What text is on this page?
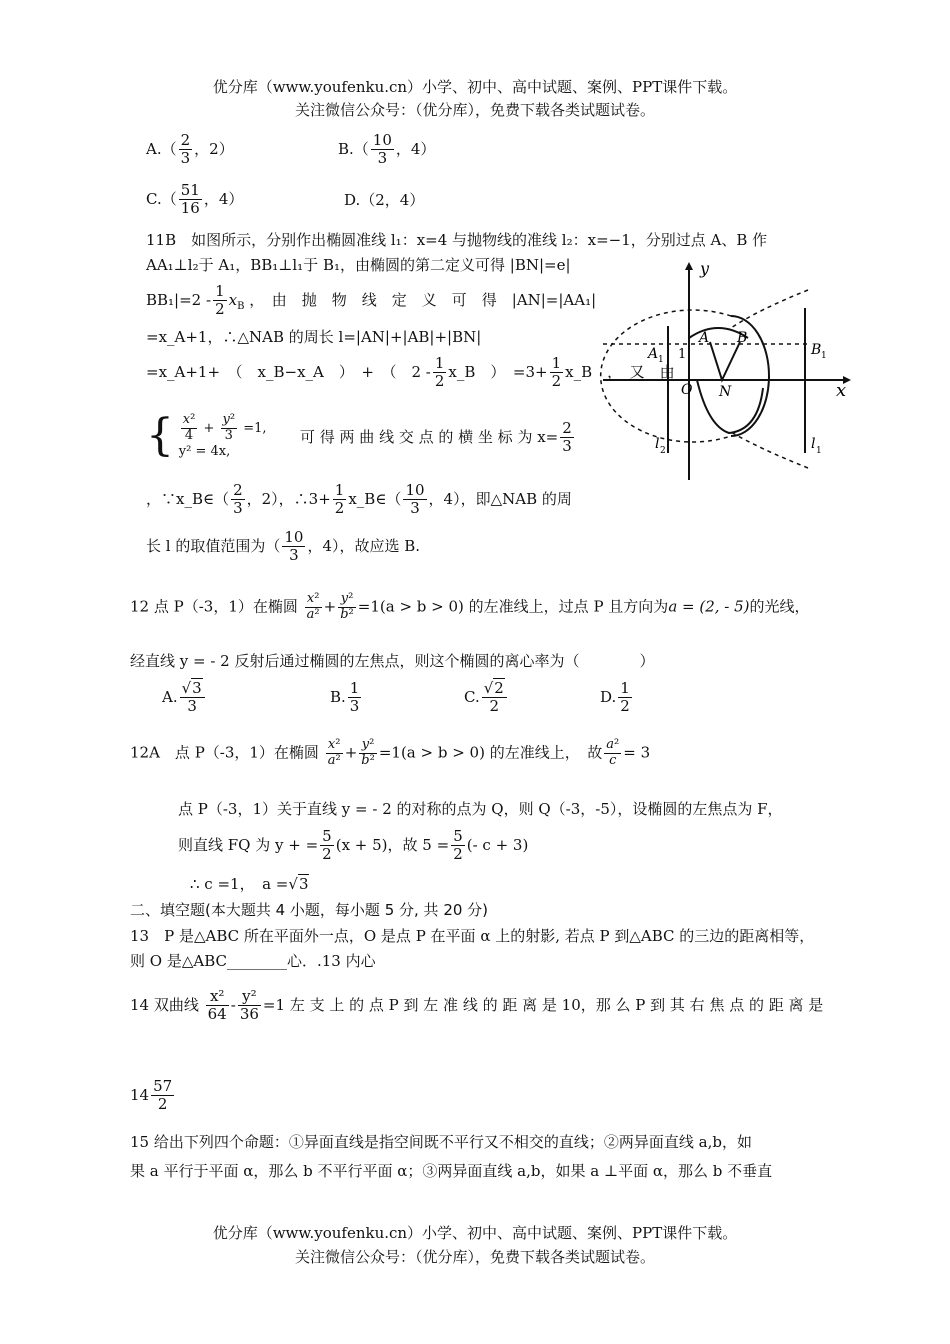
优分库（www.youfenku.cn）小学、初中、高中试题、案例、PPT课件下载。
关注微信公众号：（优分库），免费下载各类试题试卷。
$A.( \frac{2}{3}$ ，2）	$B.( \frac{10}{3}$ ，4）
$C.( \frac{51}{16}$ ，4）	D.（2，4）
11B　如图所示，分别作出椭圆准线 l₁：x=4 与抛物线的准线 l₂：x=−1，分别过点 A、B 作
AA₁⊥l₂于 A₁，BB₁⊥l₁于 B₁，由椭圆的第二定义可得 |BN|=e|
$BB_1|=2 - \frac{1}{2} x_B$ ，　由　抛　物　线　定　义　可　得　|AN|=|AA₁|
=x_A+1，∴△NAB 的周长 l=|AN|+|AB|+|BN|
=x_A+1+　（　x_B−x_A　）　+　（　$2 - \frac{1}{2}$ x_B　）　$=3+ \frac{1}{2}$ x_B　，　又　由
{ $\frac{\text{x²}}{4} + \frac{\text{y²}}{3} =1$,
y² = 4x,
可 得 两 曲 线 交 点 的 横 坐 标 为 $x= \frac{2}{3}$
，∵x_B∈（ $\frac{2}{3}$ ，2），∴3+ $\frac{1}{2}$ x_B∈（ $\frac{10}{3}$ ，4），即△NAB 的周
长 l 的取值范围为（ $\frac{10}{3}$ ，4），故应选 B.
y
x
O N
A B
A 1
B 1
1
l 2	l 1
12 点 P（-3，1）在椭圆 $\frac{\text{x²}}{\text{a²}} + \frac{\text{y²}}{\text{b²}} =1(a > b > 0)$ 的左准线上，过点 P 且方向为a = (2, - 5)的光线，
经直线 y = - 2 反射后通过椭圆的左焦点，则这个椭圆的离心率为（　　　　）
A. $\frac{√3}{3}$	B. $\frac{1}{3}$	C. $\frac{√2}{2}$	D. $\frac{1}{2}$
12A　点 P（-3，1）在椭圆 $\frac{\text{x²}}{\text{a²}} + \frac{\text{y²}}{\text{b²}} =1(a > b > 0)$ 的左准线上，　故 $\frac{\text{a²}}{c} = 3$
点 P（-3，1）关于直线 y = - 2 的对称的点为 Q，则 Q（-3，-5），设椭圆的左焦点为 F，
则直线 FQ 为 y + = $\frac{5}{2} (x + 5)$，故 $5 = \frac{5}{2}$ (- c + 3)
∴ c =1，　a =√3
二、填空题(本大题共 4 小题，每小题 5 分, 共 20 分)
13　P 是△ABC 所在平面外一点，O 是点 P 在平面 α 上的射影, 若点 P 到△ABC 的三边的距离相等，
则 O 是△ABC________心．.13 内心
14 双曲线 $\frac{\text{x²}}{64} - \frac{\text{y²}}{36} =1$ 左 支 上 的 点 P 到 左 准 线 的 距 离 是 10，那 么 P 到 其 右 焦 点 的 距 离 是
$14 \frac{57}{2}$
15 给出下列四个命题：①异面直线是指空间既不平行又不相交的直线；②两异面直线 a,b，如
果 a 平行于平面 α，那么 b 不平行平面 α；③两异面直线 a,b，如果 a ⊥平面 α，那么 b 不垂直
优分库（www.youfenku.cn）小学、初中、高中试题、案例、PPT课件下载。
关注微信公众号：（优分库），免费下载各类试题试卷。
